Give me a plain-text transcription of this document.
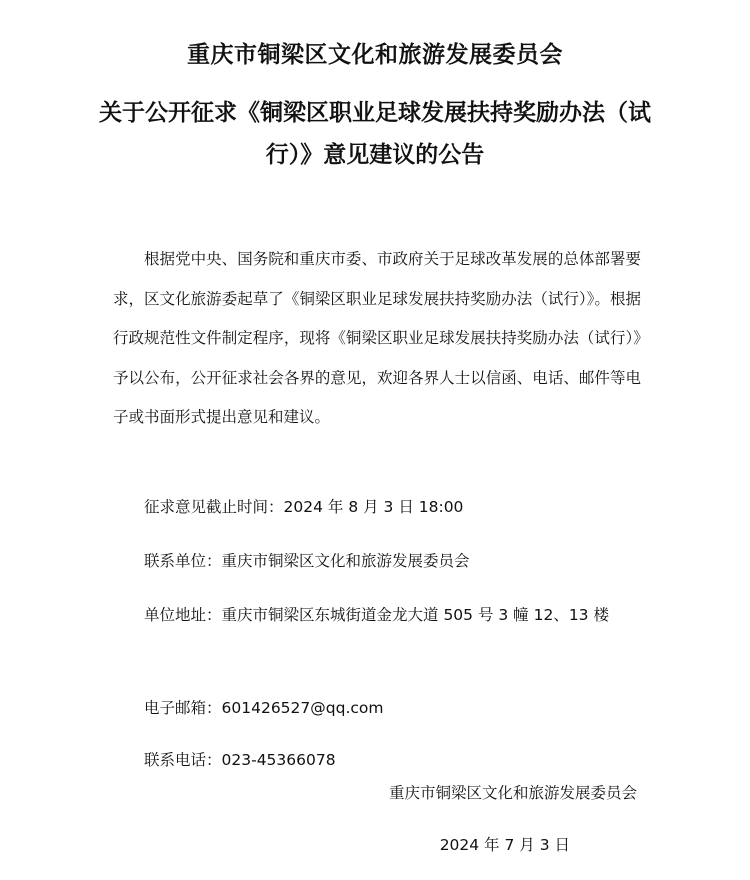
重庆市铜梁区文化和旅游发展委员会
关于公开征求《铜梁区职业足球发展扶持奖励办法（试行）》意见建议的公告
根据党中央、国务院和重庆市委、市政府关于足球改革发展的总体部署要求，区文化旅游委起草了《铜梁区职业足球发展扶持奖励办法（试行）》。根据行政规范性文件制定程序，现将《铜梁区职业足球发展扶持奖励办法（试行）》予以公布，公开征求社会各界的意见，欢迎各界人士以信函、电话、邮件等电子或书面形式提出意见和建议。
征求意见截止时间：2024 年 8 月 3 日 18:00
联系单位：重庆市铜梁区文化和旅游发展委员会
单位地址：重庆市铜梁区东城街道金龙大道 505 号 3 幢 12、13 楼
电子邮箱：601426527@qq.com
联系电话：023-45366078
重庆市铜梁区文化和旅游发展委员会
2024 年 7 月 3 日
